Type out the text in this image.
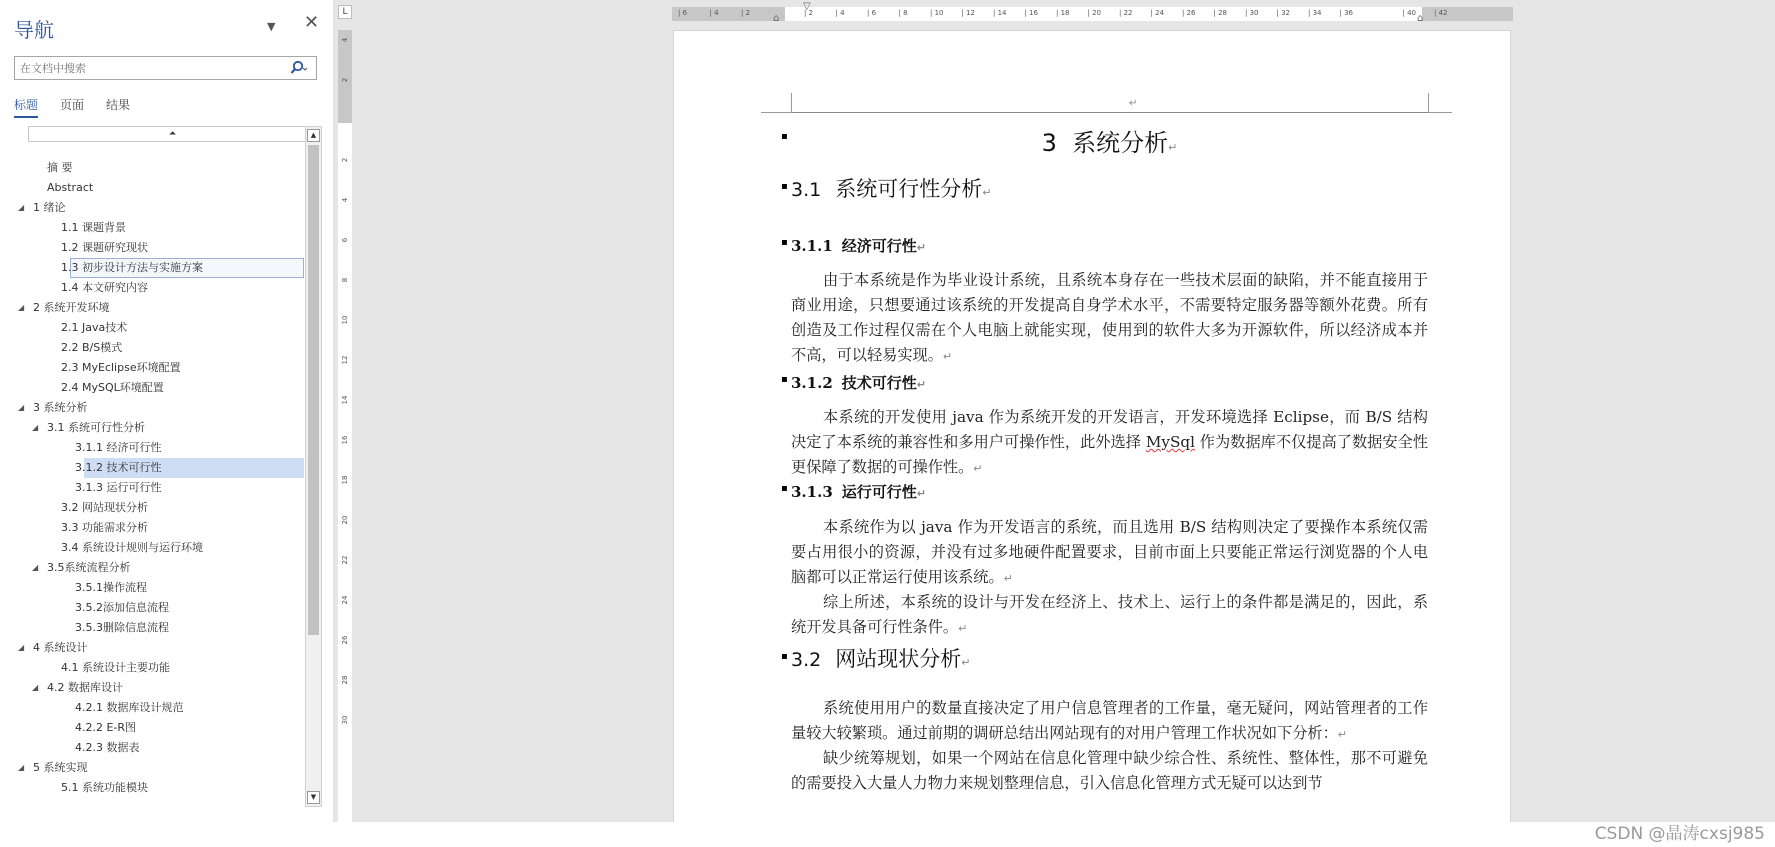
导航	▼ ✕
在文档中搜索
标题 页面 结果
⏶
摘 要
Abstract
◢ 1 绪论
1.1 课题背景
1.2 课题研究现状
1.3 初步设计方法与实施方案
1.4 本文研究内容
◢ 2 系统开发环境
2.1 Java技术
2.2 B/S模式
2.3 MyEclipse环境配置
2.4 MySQL环境配置
◢ 3 系统分析
◢ 3.1 系统可行性分析
3.1.1 经济可行性
3.1.2 技术可行性
3.1.3 运行可行性
3.2 网站现状分析
3.3 功能需求分析
3.4 系统设计规则与运行环境
◢ 3.5系统流程分析
3.5.1操作流程
3.5.2添加信息流程
3.5.3删除信息流程
◢ 4 系统设计
4.1 系统设计主要功能
◢ 4.2 数据库设计
4.2.1 数据库设计规范
4.2.2 E-R图
4.2.3 数据表
◢ 5 系统实现
5.1 系统功能模块
▲
▼
L
4
2
2
4
6
8
10
12
14
16
18
20
22
24
26
28
30
| 6	| 4	| 2	| 2	| 4	| 6	| 8	| 10	| 12	| 14	| 16	| 18	| 20	| 22	| 24	| 26	| 28	| 30	| 32	| 34	| 36	| 40	| 42
▽
⌂	⌂
↵
▪	3 系统分析↵
▪ 3.1 系统可行性分析↵
▪ 3.1.1 经济可行性↵
由于本系统是作为毕业设计系统，且系统本身存在一些技术层面的缺陷，并不能直接用于商业用途，只想要通过该系统的开发提高自身学术水平，不需要特定服务器等额外花费。所有创造及工作过程仅需在个人电脑上就能实现，使用到的软件大多为开源软件，所以经济成本并不高，可以轻易实现。↵
▪ 3.1.2 技术可行性↵
本系统的开发使用 java 作为系统开发的开发语言，开发环境选择 Eclipse，而 B/S 结构决定了本系统的兼容性和多用户可操作性，此外选择 MySql 作为数据库不仅提高了数据安全性更保障了数据的可操作性。↵
▪ 3.1.3 运行可行性↵
本系统作为以 java 作为开发语言的系统，而且选用 B/S 结构则决定了要操作本系统仅需要占用很小的资源，并没有过多地硬件配置要求，目前市面上只要能正常运行浏览器的个人电脑都可以正常运行使用该系统。↵
综上所述，本系统的设计与开发在经济上、技术上、运行上的条件都是满足的，因此，系统开发具备可行性条件。↵
▪ 3.2 网站现状分析↵
系统使用用户的数量直接决定了用户信息管理者的工作量，毫无疑问，网站管理者的工作量较大较繁琐。通过前期的调研总结出网站现有的对用户管理工作状况如下分析：↵
缺少统筹规划，如果一个网站在信息化管理中缺少综合性、系统性、整体性，那不可避免的需要投入大量人力物力来规划整理信息，引入信息化管理方式无疑可以达到节
CSDN @晶涛cxsj985
